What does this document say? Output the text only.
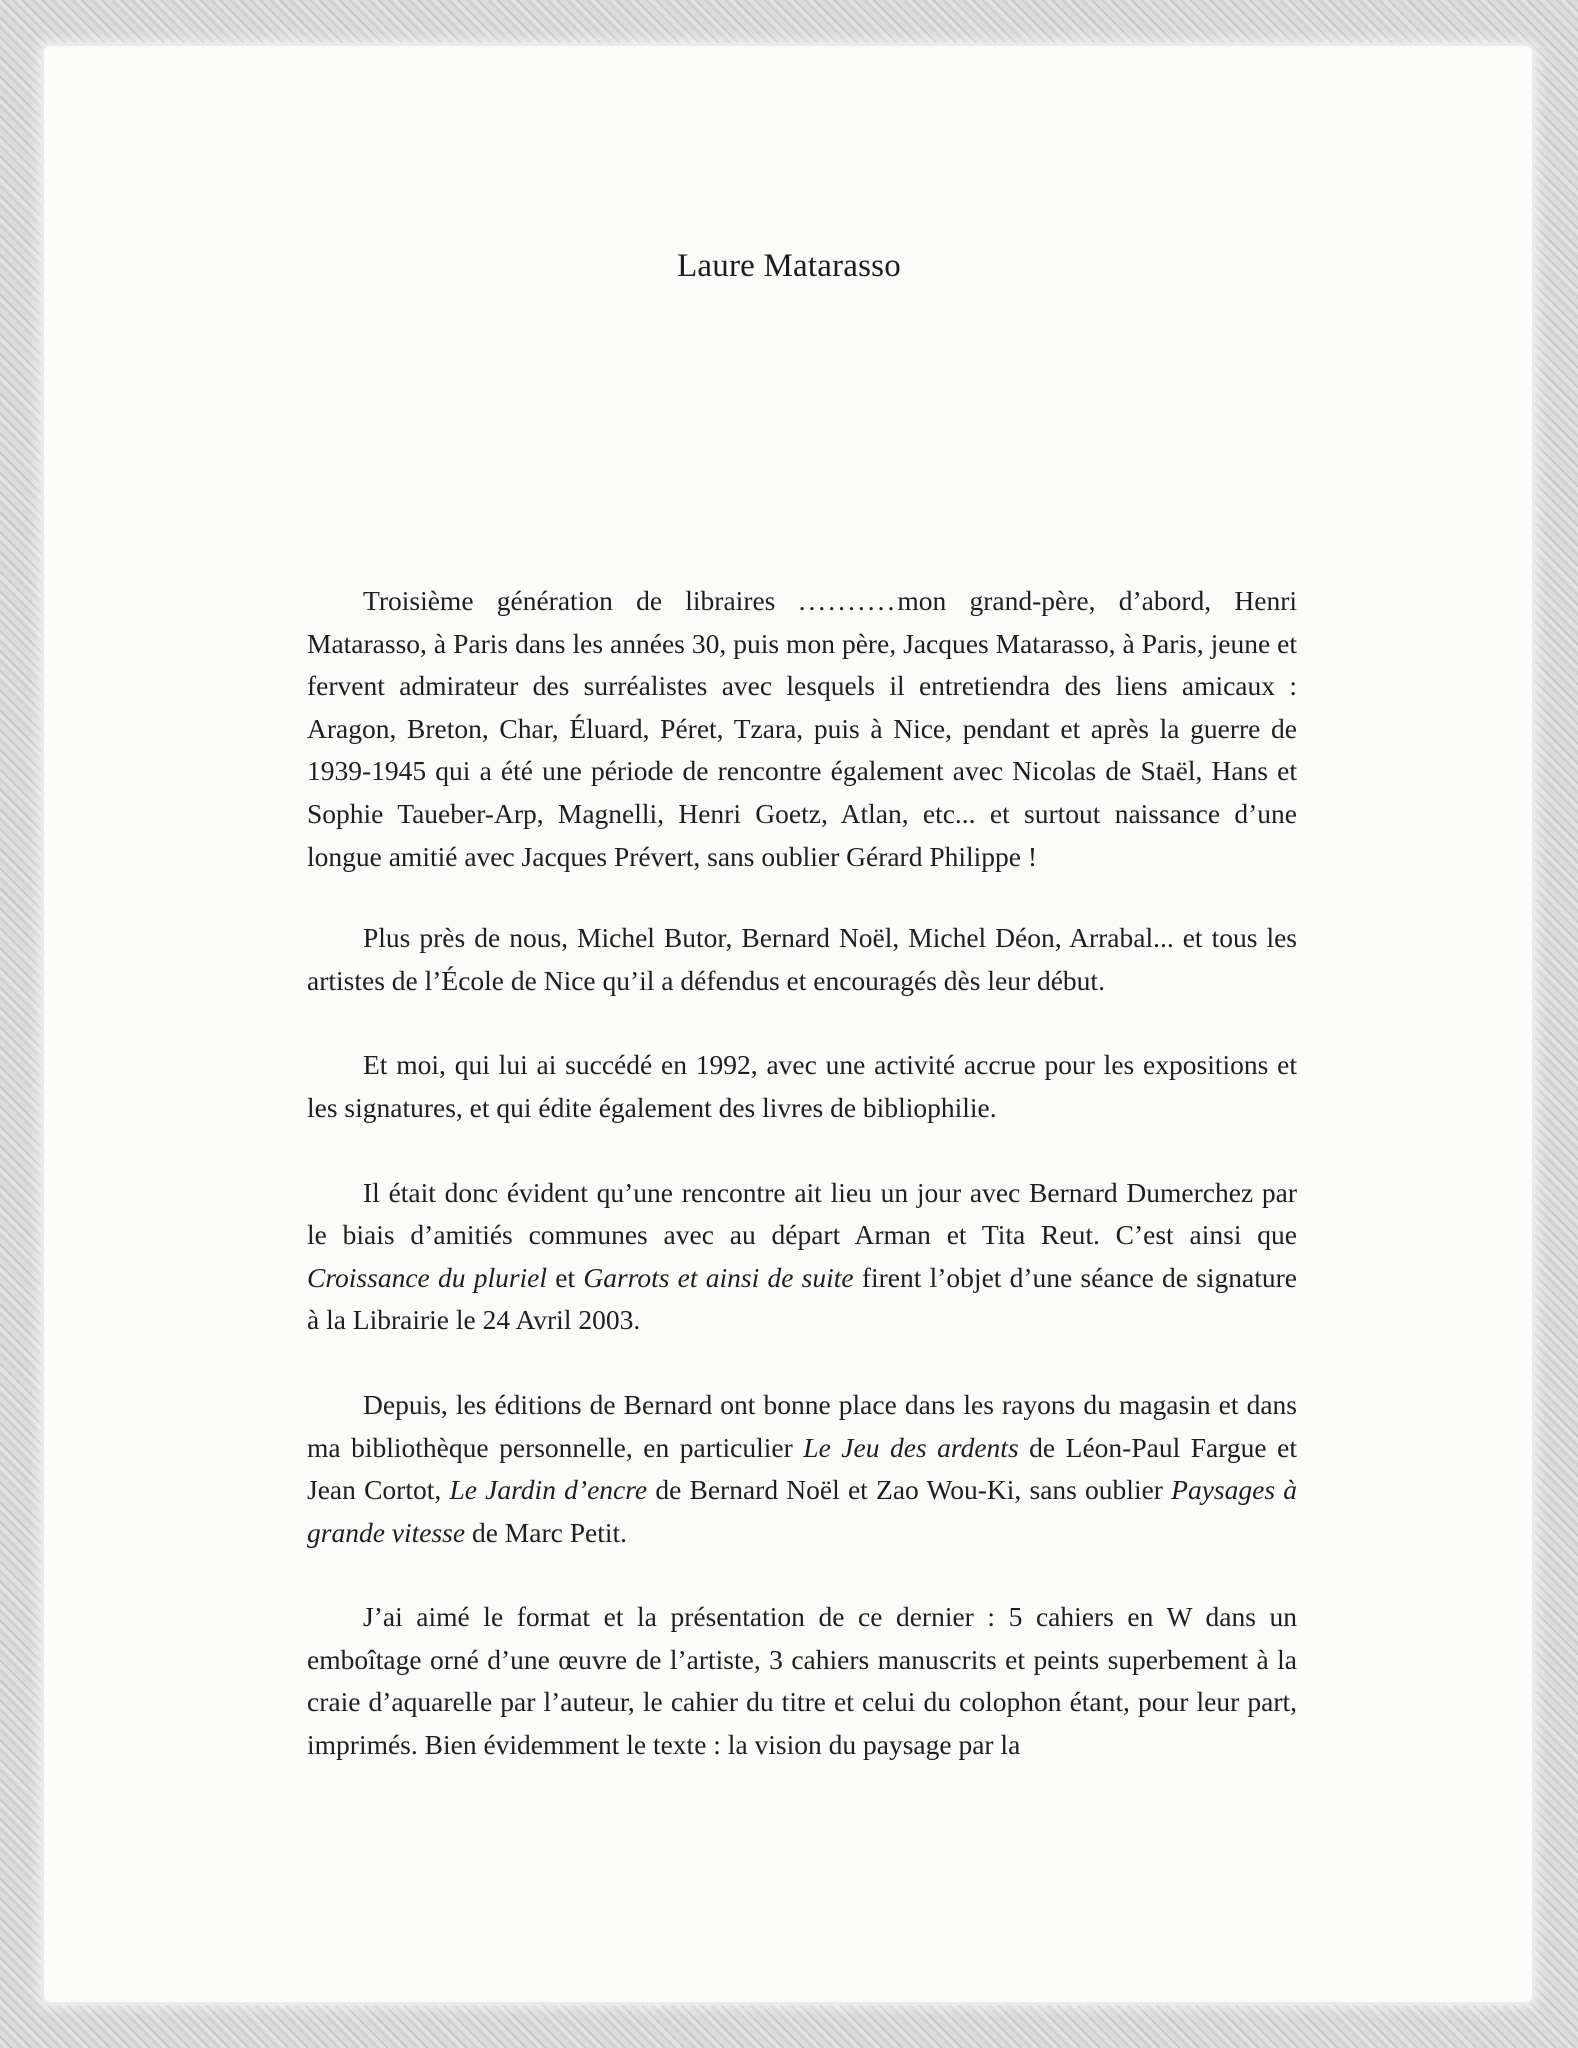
Laure Matarasso

Troisième génération de libraires ..........mon grand-père, d’abord, Henri Matarasso, à Paris dans les années 30, puis mon père, Jacques Matarasso, à Paris, jeune et fervent admirateur des surréalistes avec lesquels il entretiendra des liens amicaux : Aragon, Breton, Char, Éluard, Péret, Tzara, puis à Nice, pendant et après la guerre de 1939-1945 qui a été une période de rencontre également avec Nicolas de Staël, Hans et Sophie Taueber-Arp, Magnelli, Henri Goetz, Atlan, etc... et surtout naissance d’une longue amitié avec Jacques Prévert, sans oublier Gérard Philippe !

Plus près de nous, Michel Butor, Bernard Noël, Michel Déon, Arrabal... et tous les artistes de l’École de Nice qu’il a défendus et encouragés dès leur début.

Et moi, qui lui ai succédé en 1992, avec une activité accrue pour les expositions et les signatures, et qui édite également des livres de bibliophilie.

Il était donc évident qu’une rencontre ait lieu un jour avec Bernard Dumerchez par le biais d’amitiés communes avec au départ Arman et Tita Reut. C’est ainsi que Croissance du pluriel et Garrots et ainsi de suite firent l’objet d’une séance de signature à la Librairie le 24 Avril 2003.

Depuis, les éditions de Bernard ont bonne place dans les rayons du magasin et dans ma bibliothèque personnelle, en particulier Le Jeu des ardents de Léon-Paul Fargue et Jean Cortot, Le Jardin d’encre de Bernard Noël et Zao Wou-Ki, sans oublier Paysages à grande vitesse de Marc Petit.

J’ai aimé le format et la présentation de ce dernier : 5 cahiers en W dans un emboîtage orné d’une œuvre de l’artiste, 3 cahiers manuscrits et peints superbement à la craie d’aquarelle par l’auteur, le cahier du titre et celui du colophon étant, pour leur part, imprimés. Bien évidemment le texte : la vision du paysage par la
